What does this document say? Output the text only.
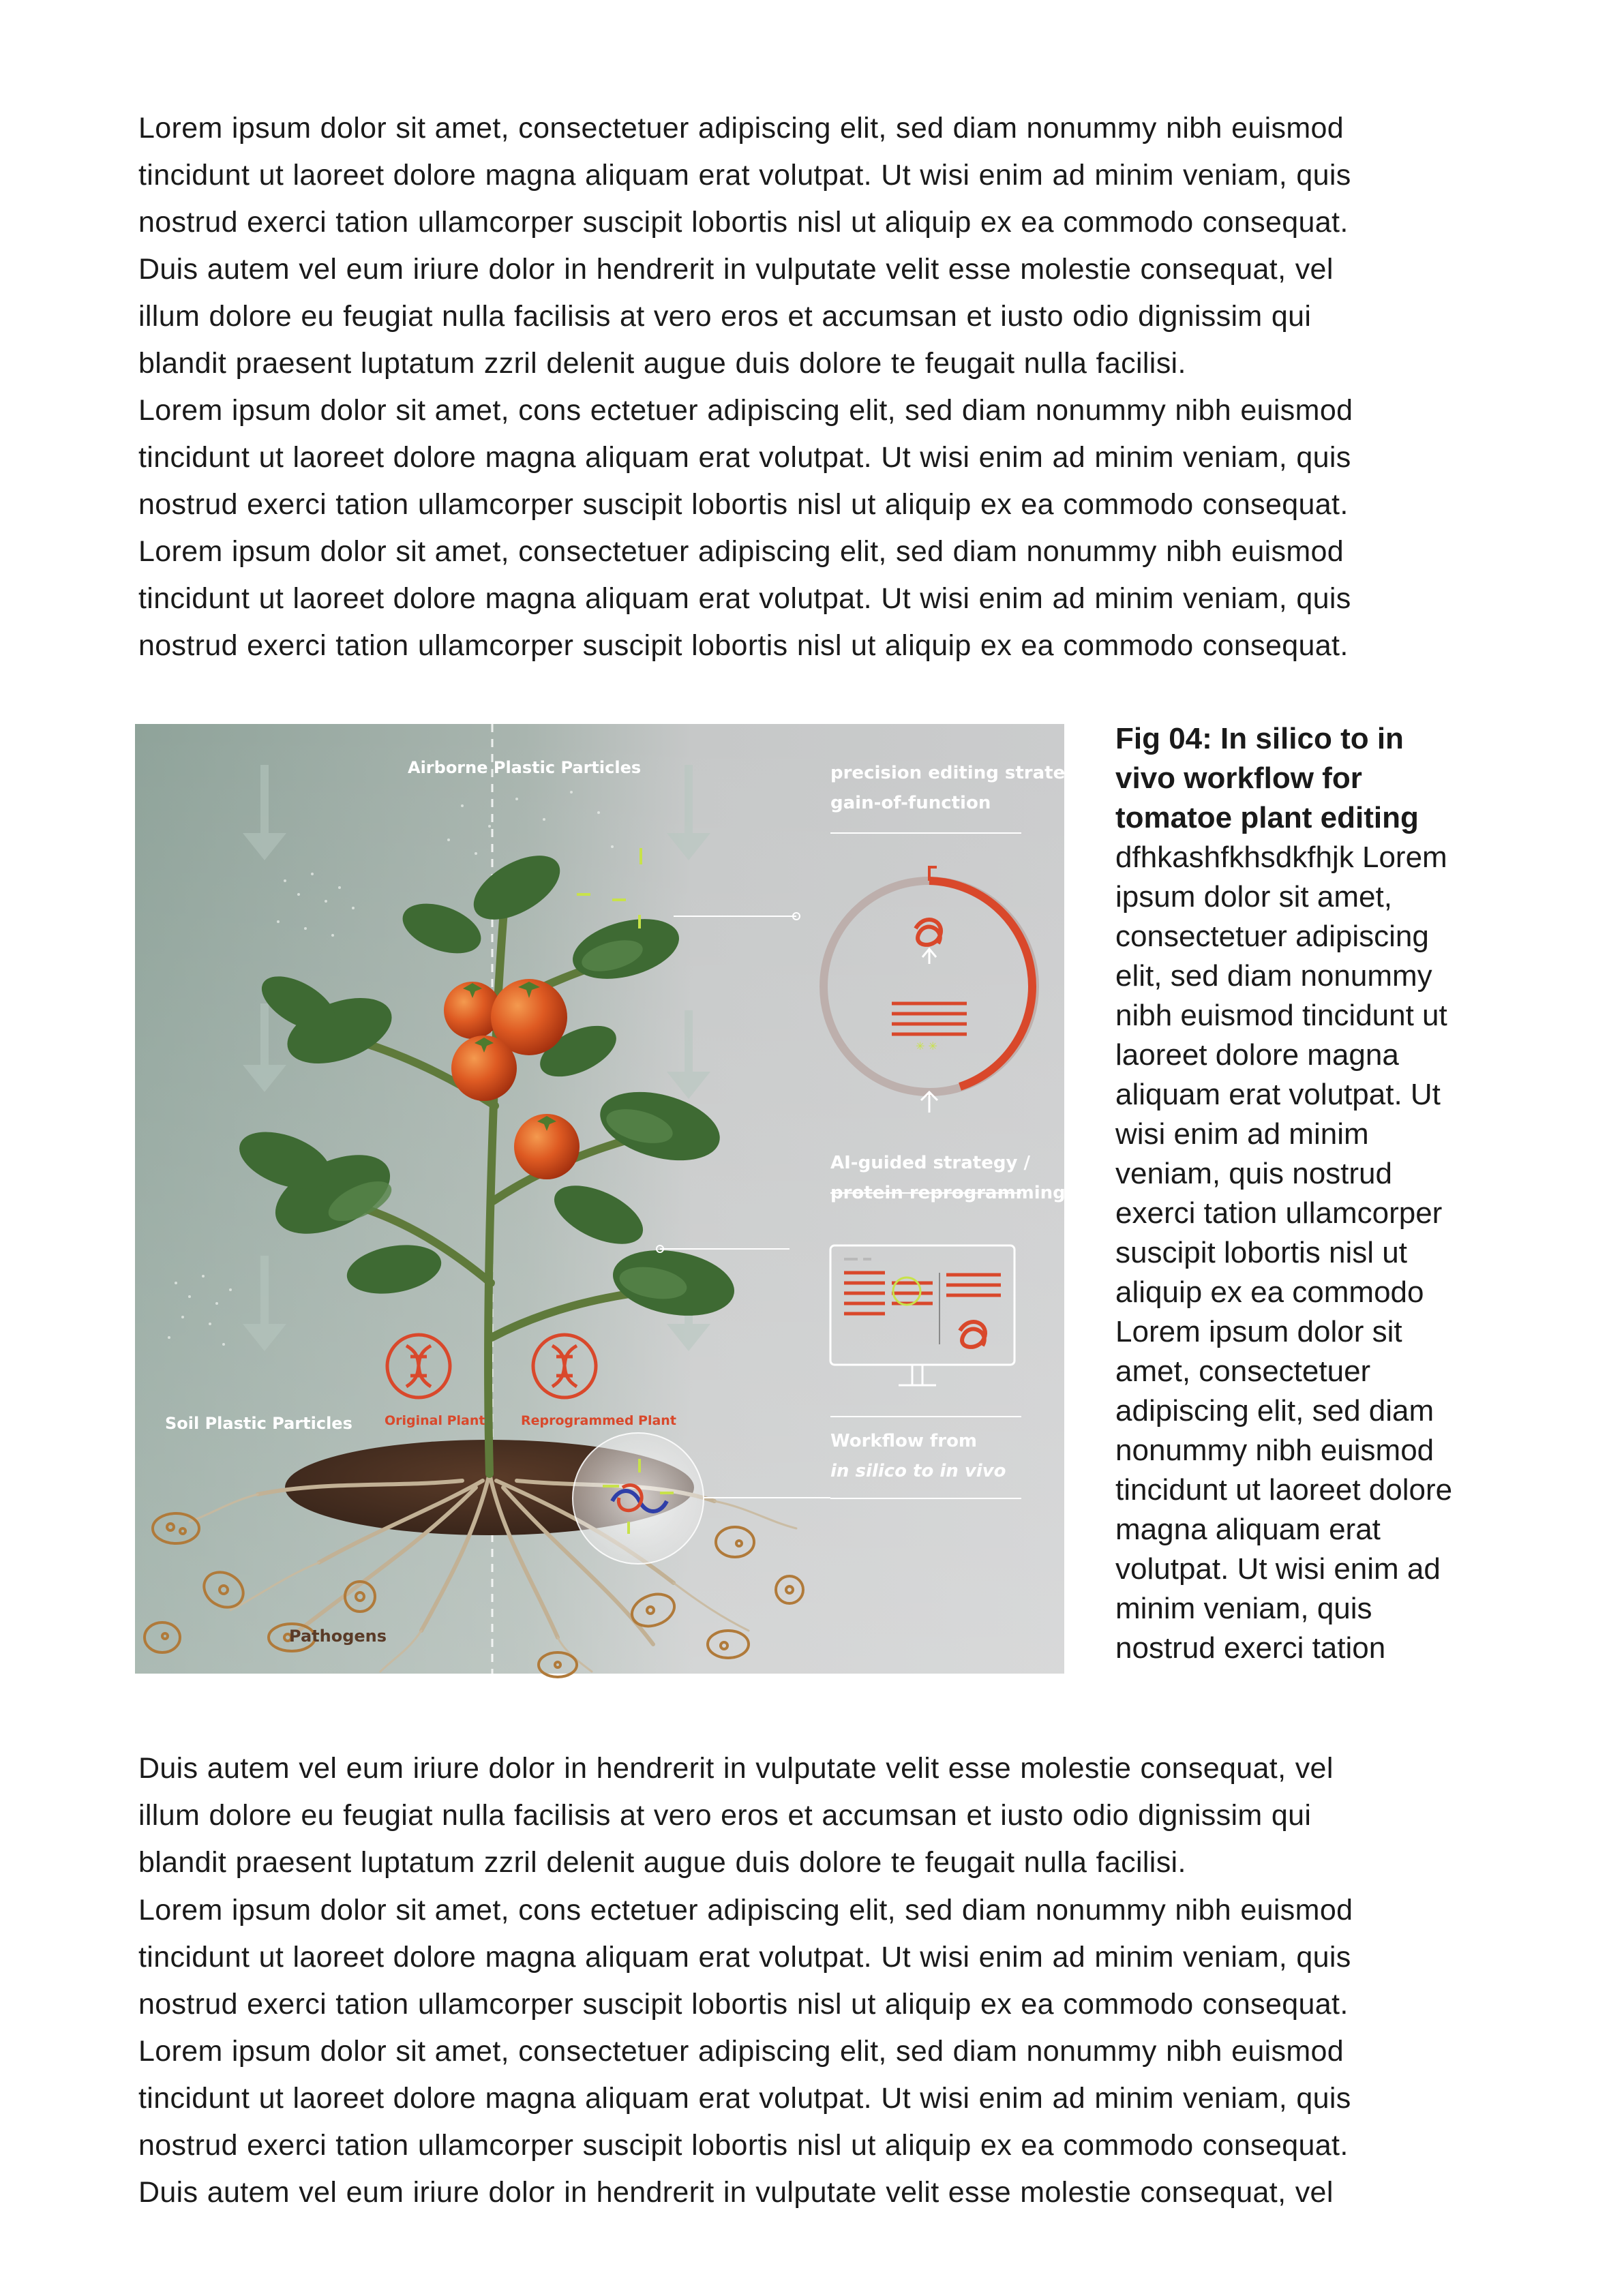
Lorem ipsum dolor sit amet, consectetuer adipiscing elit, sed diam nonummy nibh euismod
tincidunt ut laoreet dolore magna aliquam erat volutpat. Ut wisi enim ad minim veniam, quis
nostrud exerci tation ullamcorper suscipit lobortis nisl ut aliquip ex ea commodo consequat.
Duis autem vel eum iriure dolor in hendrerit in vulputate velit esse molestie consequat, vel
illum dolore eu feugiat nulla facilisis at vero eros et accumsan et iusto odio dignissim qui
blandit praesent luptatum zzril delenit augue duis dolore te feugait nulla facilisi.

Lorem ipsum dolor sit amet, cons ectetuer adipiscing elit, sed diam nonummy nibh euismod
tincidunt ut laoreet dolore magna aliquam erat volutpat. Ut wisi enim ad minim veniam, quis
nostrud exerci tation ullamcorper suscipit lobortis nisl ut aliquip ex ea commodo consequat.
Lorem ipsum dolor sit amet, consectetuer adipiscing elit, sed diam nonummy nibh euismod
tincidunt ut laoreet dolore magna aliquam erat volutpat. Ut wisi enim ad minim veniam, quis
nostrud exerci tation ullamcorper suscipit lobortis nisl ut aliquip ex ea commodo consequat.

✳ ✳
Airborne Plastic Particles	precision editing strategy/
gain-of-function
AI-guided strategy /
protein reprogramming
Workflow from
in silico to in vivo
Soil Plastic Particles Original Plant	Reprogrammed Plant
Pathogens
Fig 04: In silico to in
vivo workflow for
tomatoe plant editing
dfhkashfkhsdkfhjk Lorem
ipsum dolor sit amet,
consectetuer adipiscing
elit, sed diam nonummy
nibh euismod tincidunt ut
laoreet dolore magna
aliquam erat volutpat. Ut
wisi enim ad minim
veniam, quis nostrud
exerci tation ullamcorper
suscipit lobortis nisl ut
aliquip ex ea commodo
Lorem ipsum dolor sit
amet, consectetuer
adipiscing elit, sed diam
nonummy nibh euismod
tincidunt ut laoreet dolore
magna aliquam erat
volutpat. Ut wisi enim ad
minim veniam, quis
nostrud exerci tation

Duis autem vel eum iriure dolor in hendrerit in vulputate velit esse molestie consequat, vel
illum dolore eu feugiat nulla facilisis at vero eros et accumsan et iusto odio dignissim qui
blandit praesent luptatum zzril delenit augue duis dolore te feugait nulla facilisi.

Lorem ipsum dolor sit amet, cons ectetuer adipiscing elit, sed diam nonummy nibh euismod
tincidunt ut laoreet dolore magna aliquam erat volutpat. Ut wisi enim ad minim veniam, quis
nostrud exerci tation ullamcorper suscipit lobortis nisl ut aliquip ex ea commodo consequat.
Lorem ipsum dolor sit amet, consectetuer adipiscing elit, sed diam nonummy nibh euismod
tincidunt ut laoreet dolore magna aliquam erat volutpat. Ut wisi enim ad minim veniam, quis
nostrud exerci tation ullamcorper suscipit lobortis nisl ut aliquip ex ea commodo consequat.
Duis autem vel eum iriure dolor in hendrerit in vulputate velit esse molestie consequat, vel
